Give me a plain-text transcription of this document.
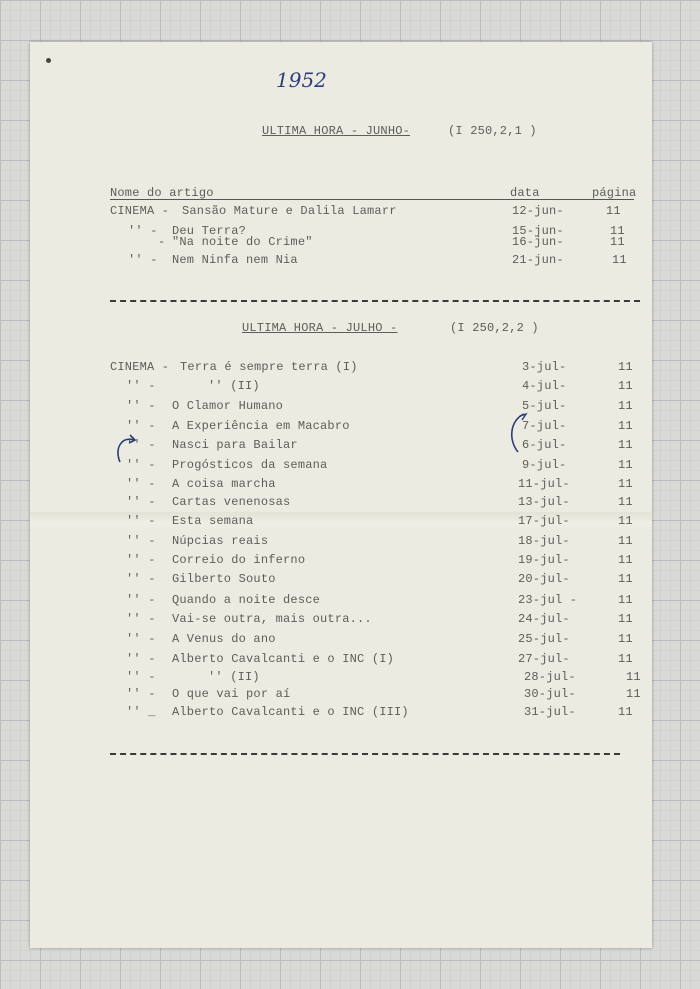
1952
ULTIMA HORA - JUNHO-	(I 250,2,1 )
Nome do artigo	data	página
CINEMA - Sansão Mature e Dalila Lamarr	12-jun-	11
'' - Deu Terra?	15-jun-	11
- "Na noite do Crime"	16-jun-	11
'' - Nem Ninfa nem Nia	21-jun-	11
ULTIMA HORA - JULHO -	(I 250,2,2 )
CINEMA - Terra é sempre terra (I)	3-jul-	11
'' -	'' (II)	4-jul-	11
'' - O Clamor Humano	5-jul-	11
'' - A Experiência em Macabro	7-jul-	11
'' - Nasci para Bailar	6-jul-	11
'' - Progósticos da semana	9-jul-	11
'' - A coisa marcha	11-jul-	11
'' - Cartas venenosas	13-jul-	11
'' - Esta semana	17-jul-	11
'' - Núpcias reais	18-jul-	11
'' - Correio do inferno	19-jul-	11
'' - Gilberto Souto	20-jul-	11
'' - Quando a noite desce	23-jul -	11
'' - Vai-se outra, mais outra...	24-jul-	11
'' - A Venus do ano	25-jul-	11
'' - Alberto Cavalcanti e o INC (I)	27-jul-	11
'' -	'' (II)	28-jul-	11
'' - O que vai por aí	30-jul-	11
'' _ Alberto Cavalcanti e o INC (III)	31-jul-	11
